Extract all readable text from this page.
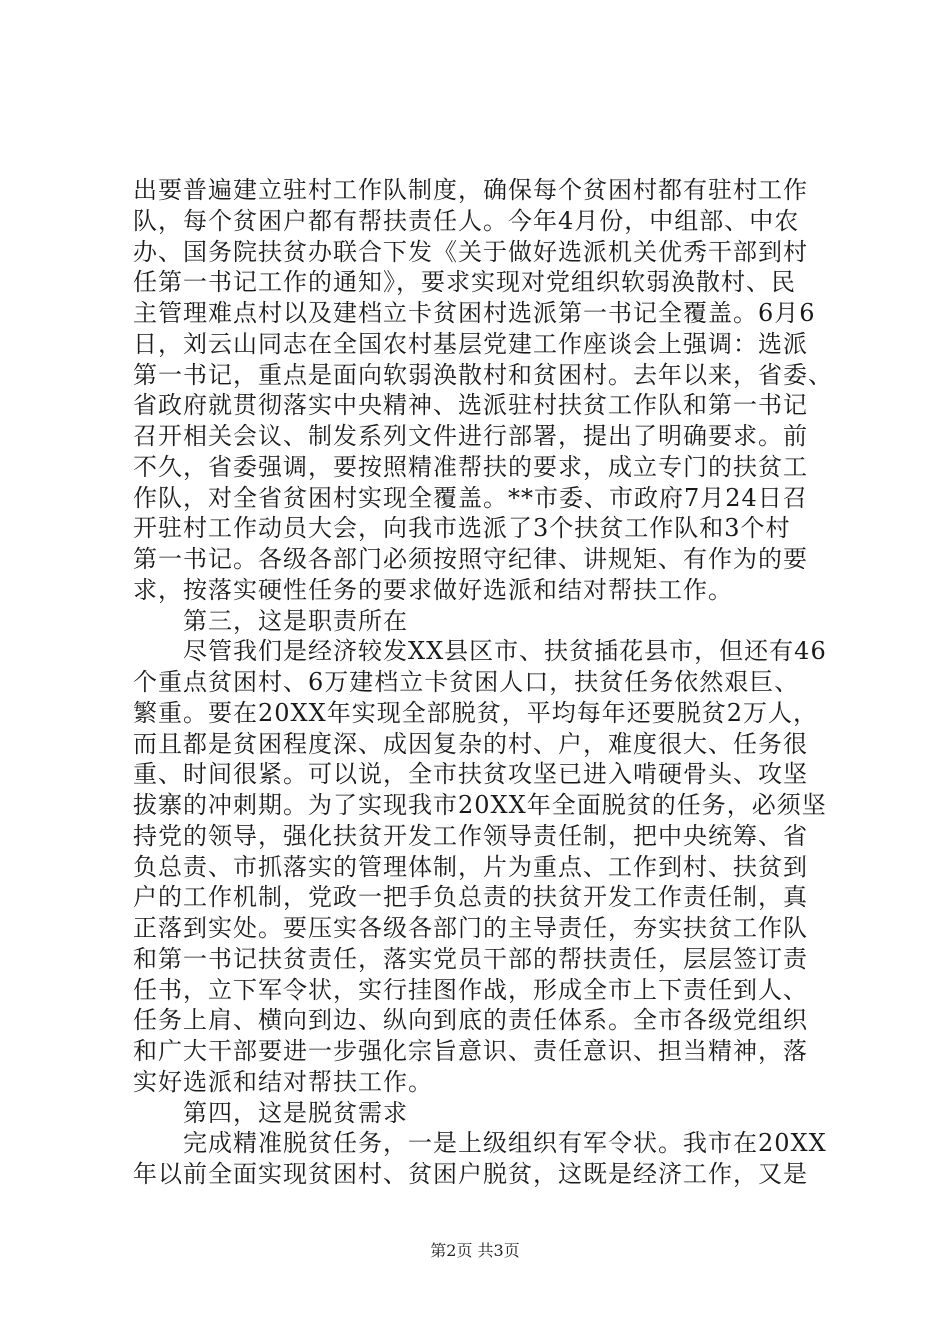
出要普遍建立驻村工作队制度，确保每个贫困村都有驻村工作
队，每个贫困户都有帮扶责任人。今年4月份，中组部、中农
办、国务院扶贫办联合下发《关于做好选派机关优秀干部到村
任第一书记工作的通知》，要求实现对党组织软弱涣散村、民
主管理难点村以及建档立卡贫困村选派第一书记全覆盖。6月6
日，刘云山同志在全国农村基层党建工作座谈会上强调：选派
第一书记，重点是面向软弱涣散村和贫困村。去年以来，省委、
省政府就贯彻落实中央精神、选派驻村扶贫工作队和第一书记
召开相关会议、制发系列文件进行部署，提出了明确要求。前
不久，省委强调，要按照精准帮扶的要求，成立专门的扶贫工
作队，对全省贫困村实现全覆盖。**市委、市政府7月24日召
开驻村工作动员大会，向我市选派了3个扶贫工作队和3个村
第一书记。各级各部门必须按照守纪律、讲规矩、有作为的要
求，按落实硬性任务的要求做好选派和结对帮扶工作。
　　第三，这是职责所在
　　尽管我们是经济较发XX县区市、扶贫插花县市，但还有46
个重点贫困村、6万建档立卡贫困人口，扶贫任务依然艰巨、
繁重。要在20XX年实现全部脱贫，平均每年还要脱贫2万人，
而且都是贫困程度深、成因复杂的村、户，难度很大、任务很
重、时间很紧。可以说，全市扶贫攻坚已进入啃硬骨头、攻坚
拔寨的冲刺期。为了实现我市20XX年全面脱贫的任务，必须坚
持党的领导，强化扶贫开发工作领导责任制，把中央统筹、省
负总责、市抓落实的管理体制，片为重点、工作到村、扶贫到
户的工作机制，党政一把手负总责的扶贫开发工作责任制，真
正落到实处。要压实各级各部门的主导责任，夯实扶贫工作队
和第一书记扶贫责任，落实党员干部的帮扶责任，层层签订责
任书，立下军令状，实行挂图作战，形成全市上下责任到人、
任务上肩、横向到边、纵向到底的责任体系。全市各级党组织
和广大干部要进一步强化宗旨意识、责任意识、担当精神，落
实好选派和结对帮扶工作。
　　第四，这是脱贫需求
第2页 共3页
　　完成精准脱贫任务，一是上级组织有军令状。我市在20XX
年以前全面实现贫困村、贫困户脱贫，这既是经济工作，又是
